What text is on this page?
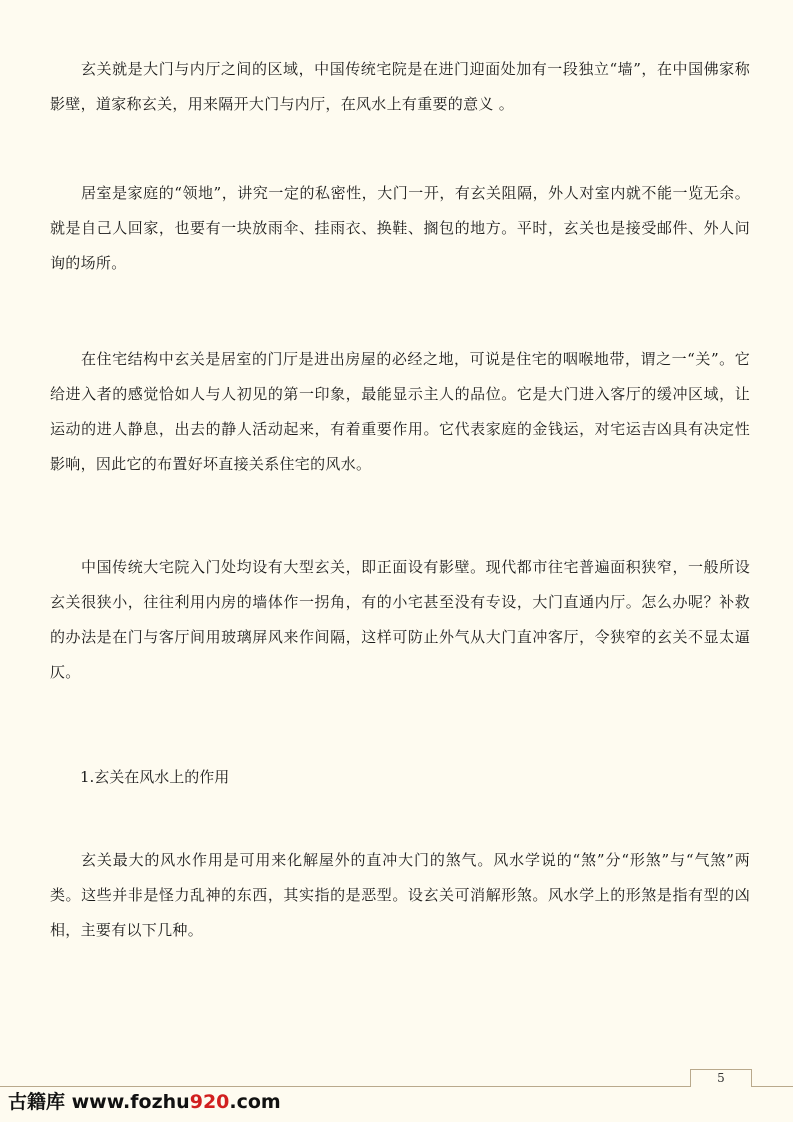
玄关就是大门与内厅之间的区域，中国传统宅院是在进门迎面处加有一段独立“墙”，在中国佛家称影壁，道家称玄关，用来隔开大门与内厅，在风水上有重要的意义 。

居室是家庭的“领地”，讲究一定的私密性，大门一开，有玄关阻隔，外人对室内就不能一览无余。就是自己人回家，也要有一块放雨伞、挂雨衣、换鞋、搁包的地方。平时，玄关也是接受邮件、外人问询的场所。

在住宅结构中玄关是居室的门厅是进出房屋的必经之地，可说是住宅的咽喉地带，谓之一“关”。它给进入者的感觉恰如人与人初见的第一印象，最能显示主人的品位。它是大门进入客厅的缓冲区域，让运动的进人静息，出去的静人活动起来，有着重要作用。它代表家庭的金钱运，对宅运吉凶具有决定性影响，因此它的布置好坏直接关系住宅的风水。

中国传统大宅院入门处均设有大型玄关，即正面设有影壁。现代都市往宅普遍面积狭窄，一般所设玄关很狭小，往往利用内房的墙体作一拐角，有的小宅甚至没有专设，大门直通内厅。怎么办呢？补救的办法是在门与客厅间用玻璃屏风来作间隔，这样可防止外气从大门直冲客厅，令狭窄的玄关不显太逼仄。

1.玄关在风水上的作用

玄关最大的风水作用是可用来化解屋外的直冲大门的煞气。风水学说的“煞”分“形煞”与“气煞”两类。这些并非是怪力乱神的东西，其实指的是恶型。设玄关可消解形煞。风水学上的形煞是指有型的凶相，主要有以下几种。

5
古籍库 www.fozhu920.com
